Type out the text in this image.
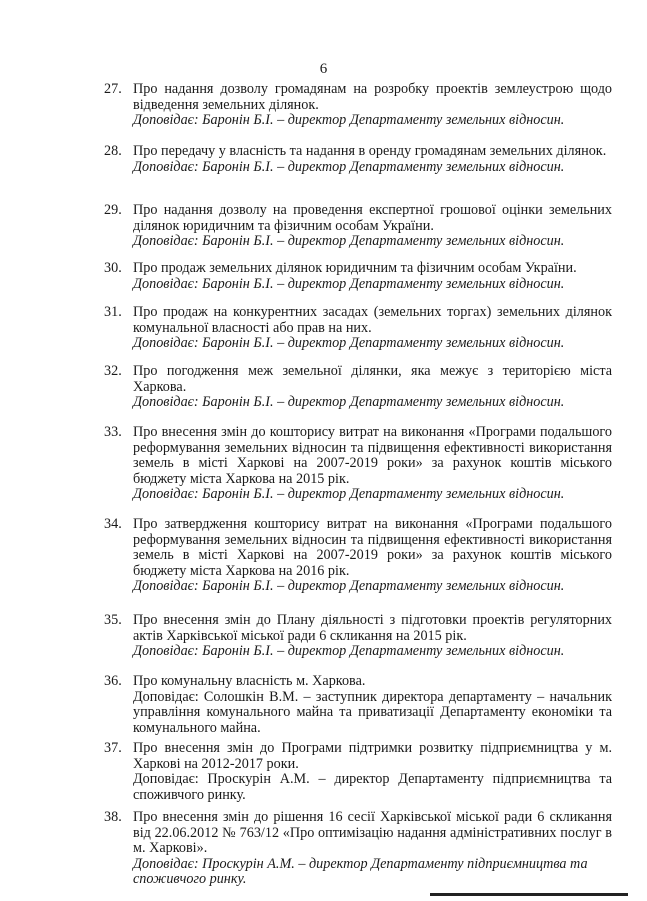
6
27. Про надання дозволу громадянам на розробку проектів землеустрою щодо відведення земельних ділянок.
Доповідає: Баронін Б.І. – директор Департаменту земельних відносин.
28. Про передачу у власність та надання в оренду громадянам земельних ділянок.
Доповідає: Баронін Б.І. – директор Департаменту земельних відносин.
29. Про надання дозволу на проведення експертної грошової оцінки земельних ділянок юридичним та фізичним особам України.
Доповідає: Баронін Б.І. – директор Департаменту земельних відносин.
30. Про продаж земельних ділянок юридичним та фізичним особам України.
Доповідає: Баронін Б.І. – директор Департаменту земельних відносин.
31. Про продаж на конкурентних засадах (земельних торгах) земельних ділянок комунальної власності або прав на них.
Доповідає: Баронін Б.І. – директор Департаменту земельних відносин.
32. Про погодження меж земельної ділянки, яка межує з територією міста Харкова.
Доповідає: Баронін Б.І. – директор Департаменту земельних відносин.
33. Про внесення змін до кошторису витрат на виконання «Програми подальшого реформування земельних відносин та підвищення ефективності використання земель в місті Харкові на 2007-2019 роки» за рахунок коштів міського бюджету міста Харкова на 2015 рік.
Доповідає: Баронін Б.І. – директор Департаменту земельних відносин.
34. Про затвердження кошторису витрат на виконання «Програми подальшого реформування земельних відносин та підвищення ефективності використання земель в місті Харкові на 2007-2019 роки» за рахунок коштів міського бюджету міста Харкова на 2016 рік.
Доповідає: Баронін Б.І. – директор Департаменту земельних відносин.
35. Про внесення змін до Плану діяльності з підготовки проектів регуляторних актів Харківської міської ради 6 скликання на 2015 рік.
Доповідає: Баронін Б.І. – директор Департаменту земельних відносин.
36. Про комунальну власність м. Харкова.
Доповідає: Солошкін В.М. – заступник директора департаменту – начальник управління комунального майна та приватизації Департаменту економіки та комунального майна.
37. Про внесення змін до Програми підтримки розвитку підприємництва у м. Харкові на 2012-2017 роки.
Доповідає: Проскурін А.М. – директор Департаменту підприємництва та споживчого ринку.
38. Про внесення змін до рішення 16 сесії Харківської міської ради 6 скликання від 22.06.2012 № 763/12 «Про оптимізацію надання адміністративних послуг в м. Харкові».
Доповідає: Проскурін А.М. – директор Департаменту підприємництва та споживчого ринку.
